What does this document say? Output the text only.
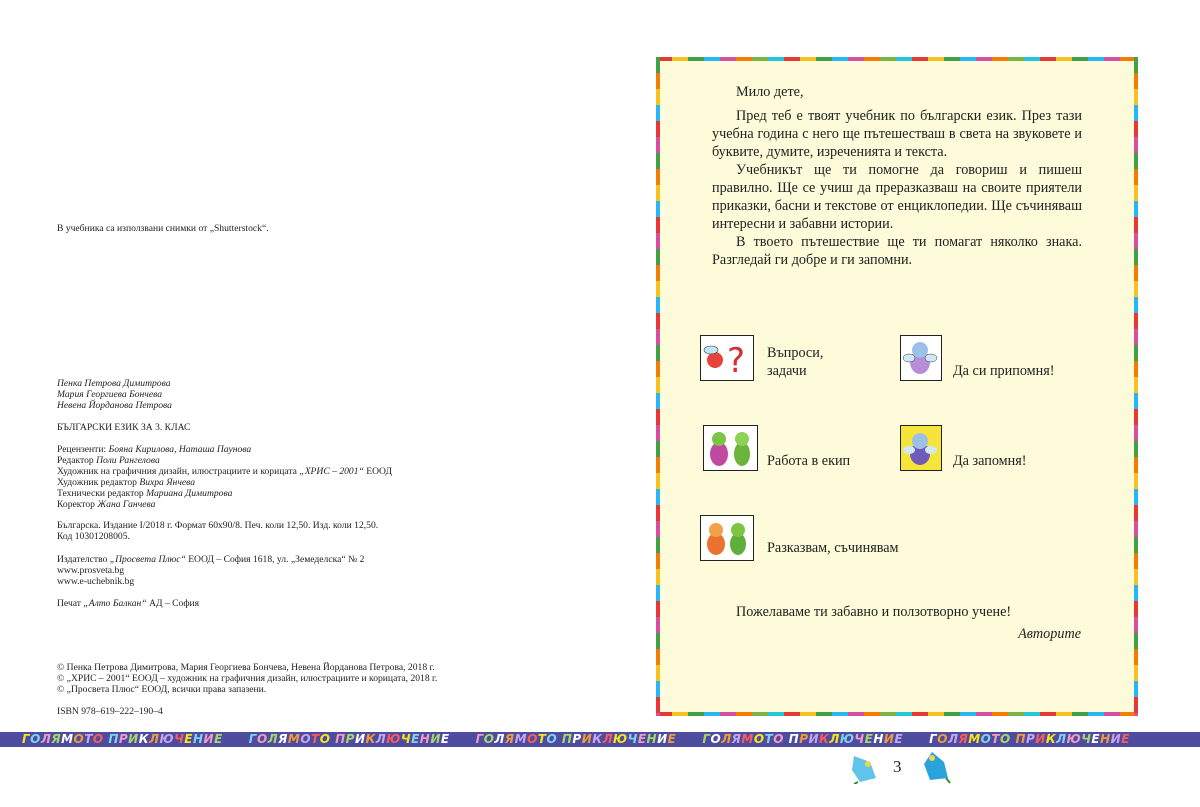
В учебника са използвани снимки от „Shutterstock“.
Пенка Петрова Димитрова
Мария Георгиева Бончева
Невена Йорданова Петрова
БЪЛГАРСКИ ЕЗИК ЗА 3. КЛАС
Рецензенти: Бояна Кирилова, Наташа Паунова
Редактор Поли Рангелова
Художник на графичния дизайн, илюстрациите и корицата „ХРИС – 2001“ ЕООД
Художник редактор Вихра Янчева
Технически редактор Мариана Димитрова
Коректор Жана Ганчева
Българска. Издание I/2018 г. Формат 60х90/8. Печ. коли 12,50. Изд. коли 12,50.
Код 10301208005.
Издателство „Просвета Плюс“ ЕООД – София 1618, ул. „Земеделска“ № 2
www.prosveta.bg
www.e-uchebnik.bg
Печат „Алто Балкан“ АД – София
© Пенка Петрова Димитрова, Мария Георгиева Бончева, Невена Йорданова Петрова, 2018 г.
© „ХРИС – 2001“ ЕООД – художник на графичния дизайн, илюстрациите и корицата, 2018 г.
© „Просвета Плюс“ ЕООД, всички права запазени.
ISBN 978–619–222–190–4

Мило дете,

Пред теб е твоят учебник по български език. През тази учебна година с него ще пътешестваш в света на звуковете и буквите, думите, изреченията и текста.

Учебникът ще ти помогне да говориш и пишеш правилно. Ще се учиш да преразказваш на своите приятели приказки, басни и текстове от енциклопедии. Ще съчиняваш интересни и забавни истории.

В твоето пътешествие ще ти помагат няколко знака. Разгледай ги добре и ги запомни.

? Въпроси,
задачи	Да си припомня!
Работа в екип	Да запомня!
Разказвам, съчинявам
Пожелаваме ти забавно и ползотворно учене!
Авторите
ГОЛЯМОТО ПРИКЛЮЧЕНИЕ ГОЛЯМОТО ПРИКЛЮЧЕНИЕ ГОЛЯМОТО ПРИКЛЮЧЕНИЕ ГОЛЯМОТО ПРИКЛЮЧЕНИЕ ГОЛЯМОТО ПРИКЛЮЧЕНИЕ
3
